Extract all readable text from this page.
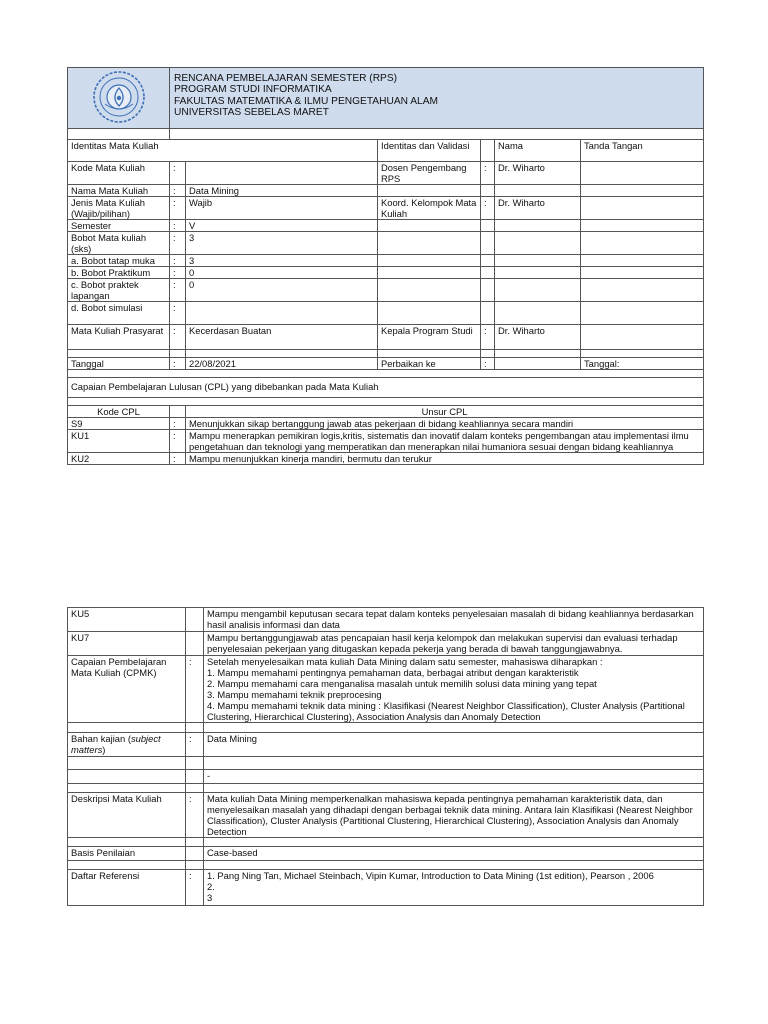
RENCANA PEMBELAJARAN SEMESTER (RPS)
PROGRAM STUDI INFORMATIKA
FAKULTAS MATEMATIKA & ILMU PENGETAHUAN ALAM
UNIVERSITAS SEBELAS MARET					

Identitas Mata Kuliah			Identitas dan Validasi		Nama	Tanda Tangan
Kode Mata Kuliah	:		Dosen Pengembang RPS	:	Dr. Wiharto	
Nama Mata Kuliah	:	Data Mining				
Jenis Mata Kuliah (Wajib/pilihan)	:	Wajib	Koord. Kelompok Mata Kuliah	:	Dr. Wiharto	
Semester	:	V				
Bobot Mata kuliah (sks)	:	3				
a. Bobot tatap muka	:	3				
b. Bobot Praktikum	:	0				
c. Bobot praktek lapangan	:	0				
d. Bobot simulasi	:					
Mata Kuliah Prasyarat	:	Kecerdasan Buatan	Kepala Program Studi	:	Dr. Wiharto	

Tanggal	:	22/08/2021	Perbaikan ke	:		Tanggal:

Capaian Pembelajaran Lulusan (CPL) yang dibebankan pada Mata Kuliah						

Kode CPL		Unsur CPL				
S9	:	Menunjukkan sikap bertanggung jawab atas pekerjaan di bidang keahliannya secara mandiri				
KU1	:	Mampu menerapkan pemikiran logis,kritis, sistematis dan inovatif dalam konteks pengembangan atau implementasi ilmu pengetahuan dan teknologi yang memperatikan dan menerapkan nilai humaniora sesuai dengan bidang keahliannya				
KU2	:	Mampu menunjukkan kinerja mandiri, bermutu dan terukur				
KU5		Mampu mengambil keputusan secara tepat dalam konteks penyelesaian masalah di bidang keahliannya berdasarkan hasil analisis informasi dan data
KU7		Mampu bertanggungjawab atas pencapaian hasil kerja kelompok dan melakukan supervisi dan evaluasi terhadap penyelesaian pekerjaan yang ditugaskan kepada pekerja yang berada di bawah tanggungjawabnya.
Capaian Pembelajaran Mata Kuliah (CPMK)	:	Setelah menyelesaikan mata kuliah Data Mining dalam satu semester, mahasiswa diharapkan :
1. Mampu memahami pentingnya pemahaman data, berbagai atribut dengan karakteristik
2. Mampu memahami cara menganalisa masalah untuk memilih solusi data mining yang tepat
3. Mampu memahami teknik preprocesing
4. Mampu memahami teknik data mining : Klasifikasi (Nearest Neighbor Classification), Cluster Analysis (Partitional Clustering, Hierarchical Clustering), Association Analysis dan Anomaly Detection

Bahan kajian (subject matters)	:	Data Mining

		-

Deskripsi Mata Kuliah	:	Mata kuliah Data Mining memperkenalkan mahasiswa kepada pentingnya pemahaman karakteristik data, dan menyelesaikan masalah yang dihadapi dengan berbagai teknik data mining. Antara lain Klasifikasi (Nearest Neighbor Classification), Cluster Analysis (Partitional Clustering, Hierarchical Clustering), Association Analysis dan Anomaly Detection

Basis Penilaian		Case-based

Daftar Referensi	:	1. Pang Ning Tan, Michael Steinbach, Vipin Kumar, Introduction to Data Mining (1st edition), Pearson , 2006
2.
3
